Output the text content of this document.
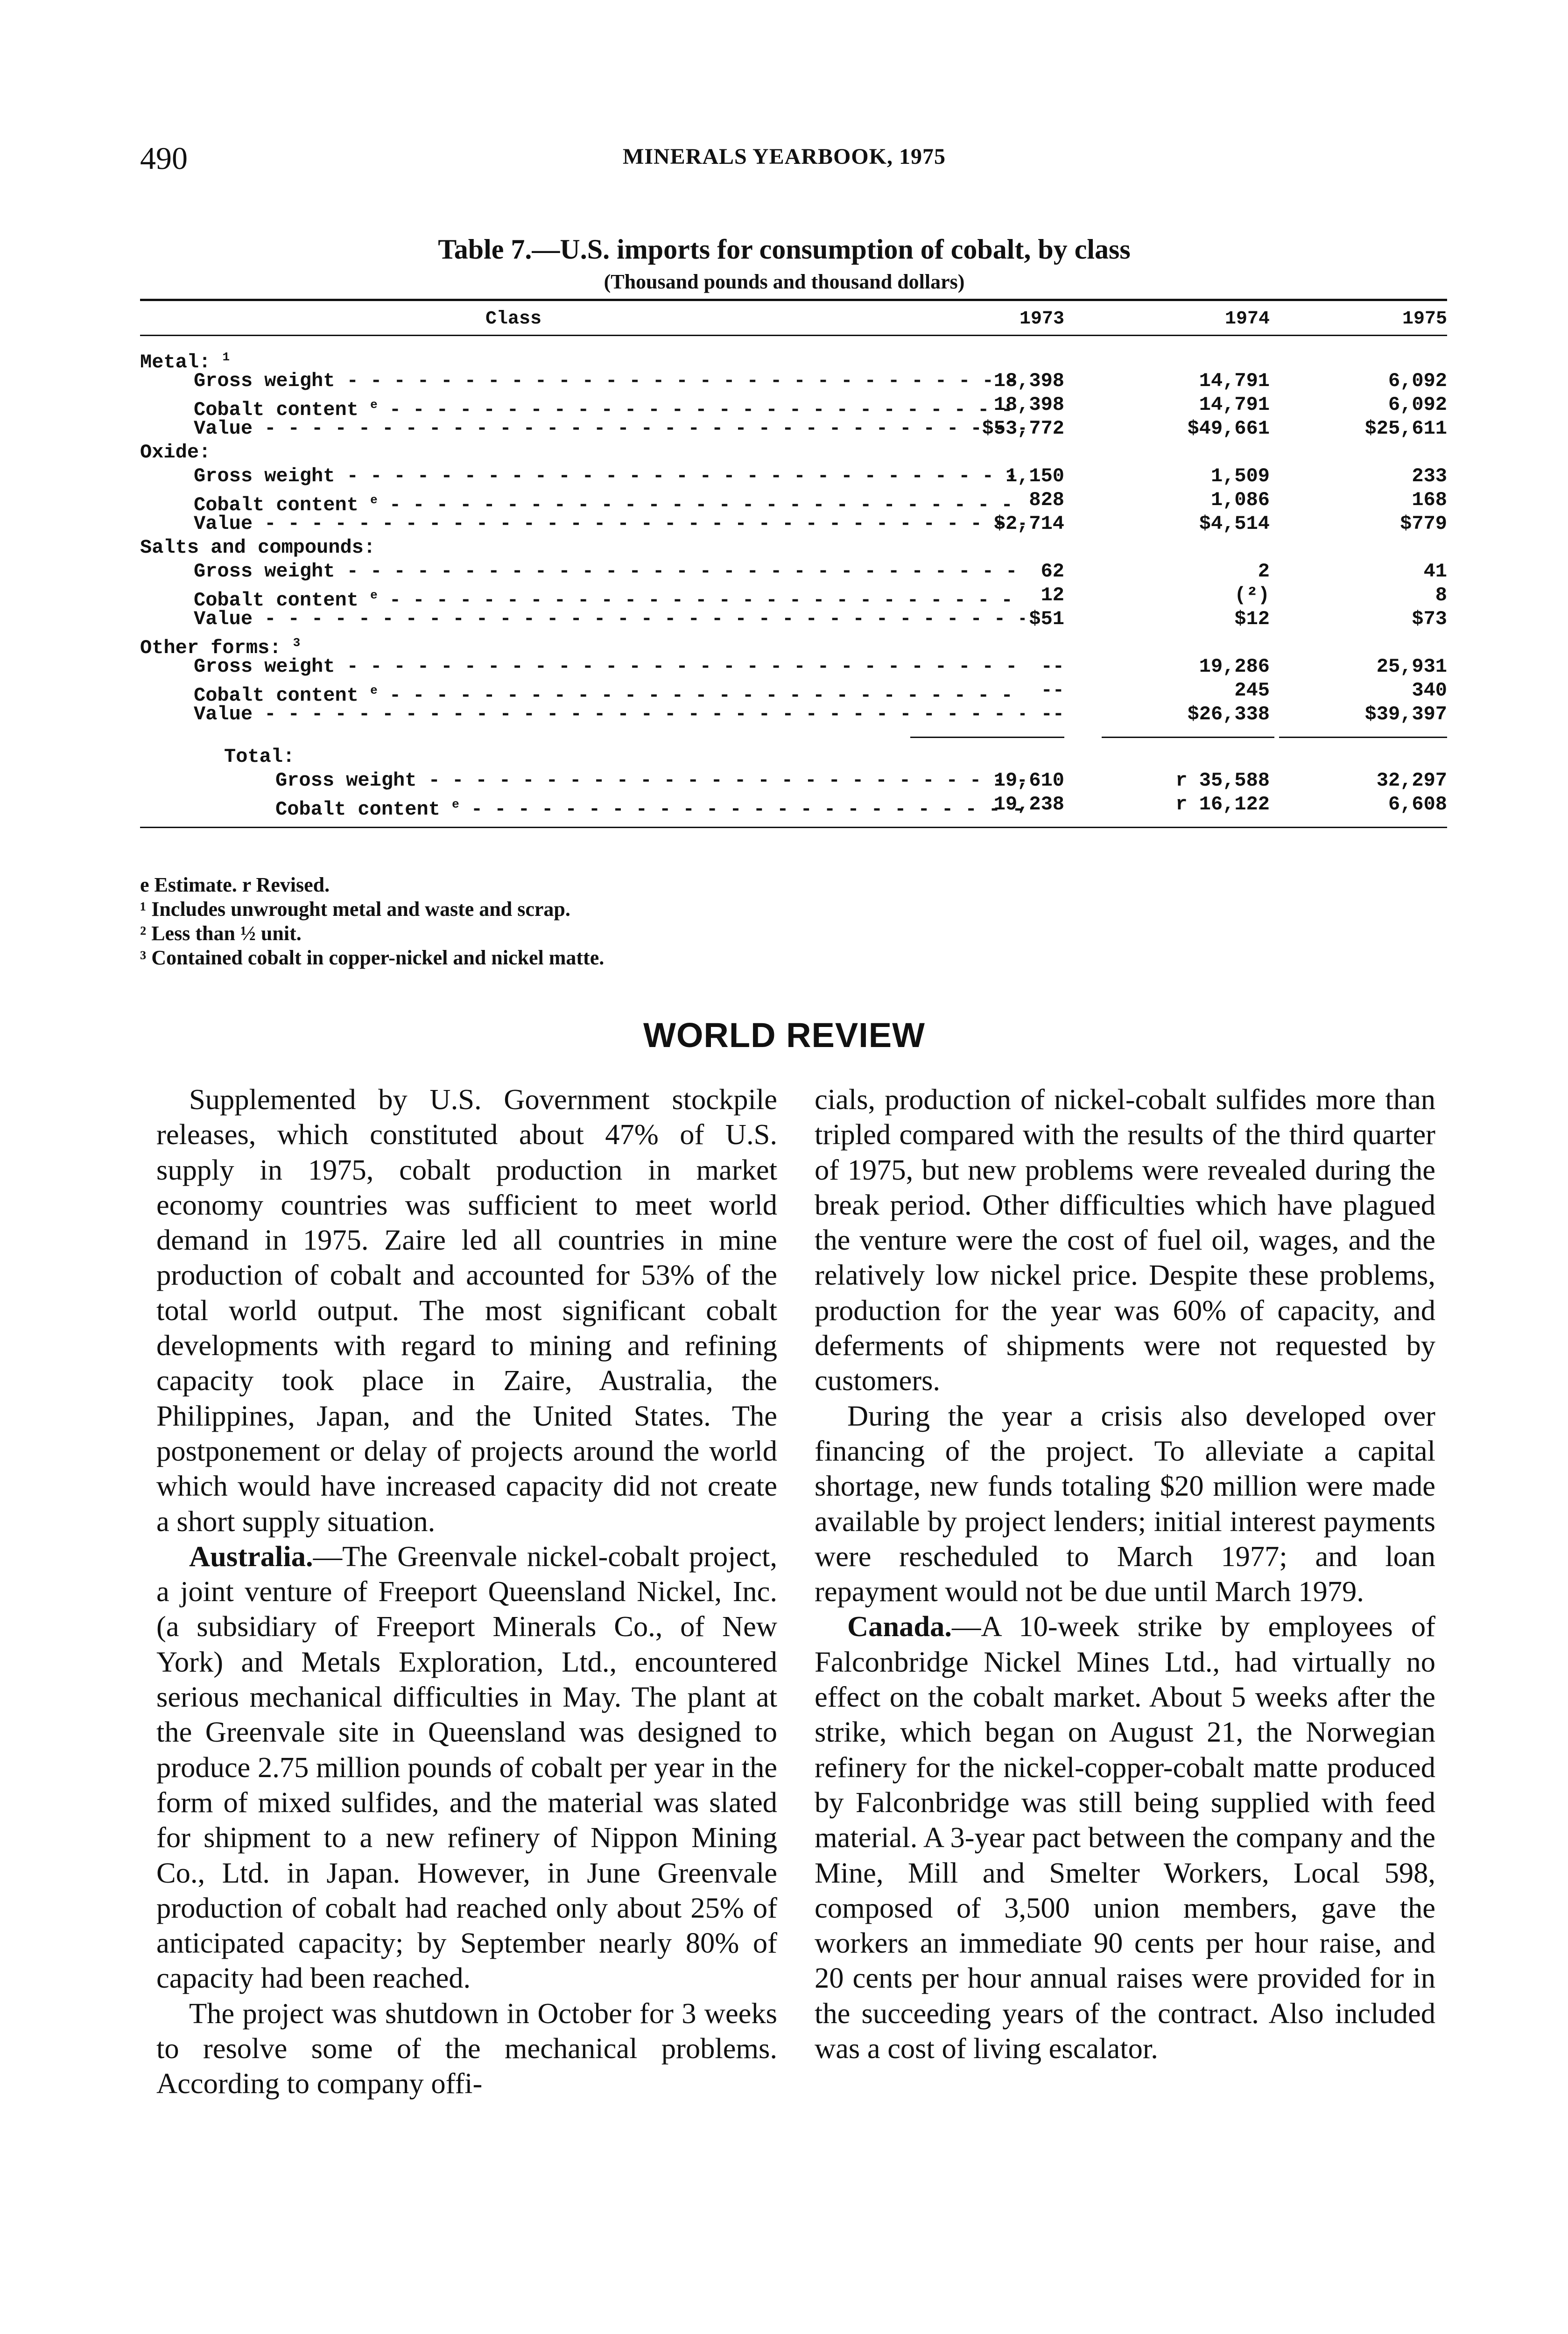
490	MINERALS YEARBOOK, 1975
Table 7.—U.S. imports for consumption of cobalt, by class
(Thousand pounds and thousand dollars)
Class	1973	1974	1975
Metal: $^1$
Gross weight - - -	18,398	14,791	6,092
Cobalt content $^e$ - - -	18,398	14,791	6,092
Value - - -	$53,772	$49,661	$25,611
Oxide:
Gross weight - - -	1,150	1,509	233
Cobalt content $^e$ - - -	828	1,086	168
Value - - -	$2,714	$4,514	$779
Salts and compounds:
Gross weight - - -	62	2	41
Cobalt content $^e$ - - -	12	(²)	8
Value - - -	$51	$12	$73
Other forms: $^3$
Gross weight - - -	--	19,286	25,931
Cobalt content $^e$ - - -	--	245	340
Value - - -	--	$26,338	$39,397
Total:
Gross weight - - -	19,610	r 35,588	32,297
Cobalt content $^e$ - - -	19,238	r 16,122	6,608
e Estimate. r Revised.
¹ Includes unwrought metal and waste and scrap.
² Less than ½ unit.
³ Contained cobalt in copper-nickel and nickel matte.
WORLD REVIEW

Supplemented by U.S. Government stockpile releases, which constituted about 47% of U.S. supply in 1975, cobalt production in market economy countries was sufficient to meet world demand in 1975. Zaire led all countries in mine production of cobalt and accounted for 53% of the total world output. The most significant cobalt developments with regard to mining and refining capacity took place in Zaire, Australia, the Philippines, Japan, and the United States. The postponement or delay of projects around the world which would have increased capacity did not create a short supply situation.

Australia.—The Greenvale nickel-cobalt project, a joint venture of Freeport Queensland Nickel, Inc. (a subsidiary of Freeport Minerals Co., of New York) and Metals Exploration, Ltd., encountered serious mechanical difficulties in May. The plant at the Greenvale site in Queensland was designed to produce 2.75 million pounds of cobalt per year in the form of mixed sulfides, and the material was slated for shipment to a new refinery of Nippon Mining Co., Ltd. in Japan. However, in June Greenvale production of cobalt had reached only about 25% of anticipated capacity; by September nearly 80% of capacity had been reached.

The project was shutdown in October for 3 weeks to resolve some of the mechanical problems. According to company offi-

cials, production of nickel-cobalt sulfides more than tripled compared with the results of the third quarter of 1975, but new problems were revealed during the break period. Other difficulties which have plagued the venture were the cost of fuel oil, wages, and the relatively low nickel price. Despite these problems, production for the year was 60% of capacity, and deferments of shipments were not requested by customers.

During the year a crisis also developed over financing of the project. To alleviate a capital shortage, new funds totaling $20 million were made available by project lenders; initial interest payments were rescheduled to March 1977; and loan repayment would not be due until March 1979.

Canada.—A 10-week strike by employees of Falconbridge Nickel Mines Ltd., had virtually no effect on the cobalt market. About 5 weeks after the strike, which began on August 21, the Norwegian refinery for the nickel-copper-cobalt matte produced by Falconbridge was still being supplied with feed material. A 3-year pact between the company and the Mine, Mill and Smelter Workers, Local 598, composed of 3,500 union members, gave the workers an immediate 90 cents per hour raise, and 20 cents per hour annual raises were provided for in the succeeding years of the contract. Also included was a cost of living escalator.
